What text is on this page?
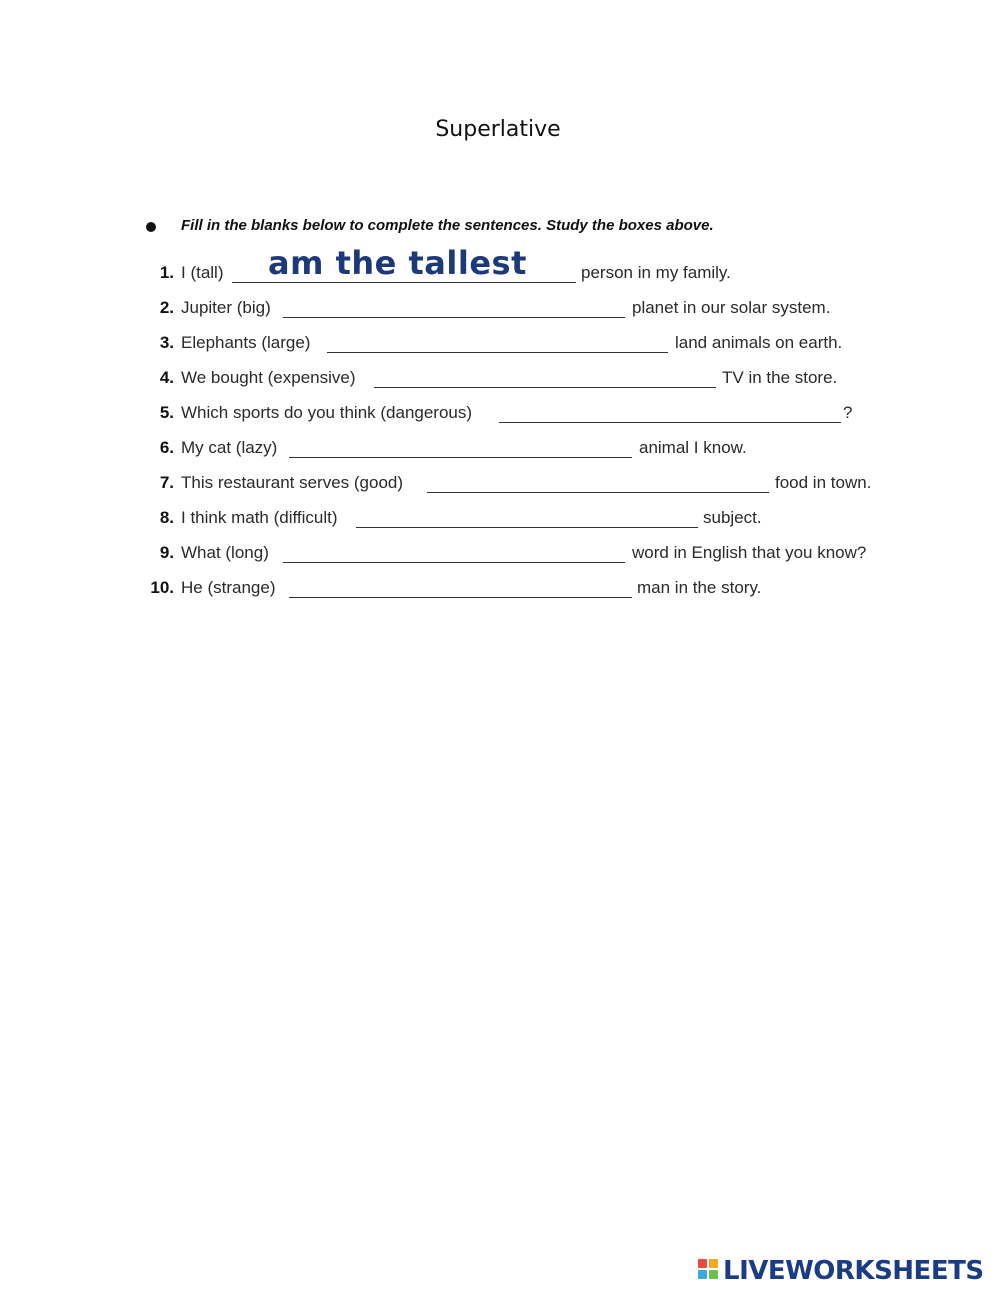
Superlative
Fill in the blanks below to complete the sentences. Study the boxes above.
1. I (tall)	person in my family.
am the tallest
2. Jupiter (big)	planet in our solar system.
3. Elephants (large)	land animals on earth.
4. We bought (expensive)	TV in the store.
5. Which sports do you think (dangerous)	?
6. My cat (lazy)	animal I know.
7. This restaurant serves (good)	food in town.
8. I think math (difficult)	subject.
9. What (long)	word in English that you know?
10. He (strange)	man in the story.
LIVEWORKSHEETS
